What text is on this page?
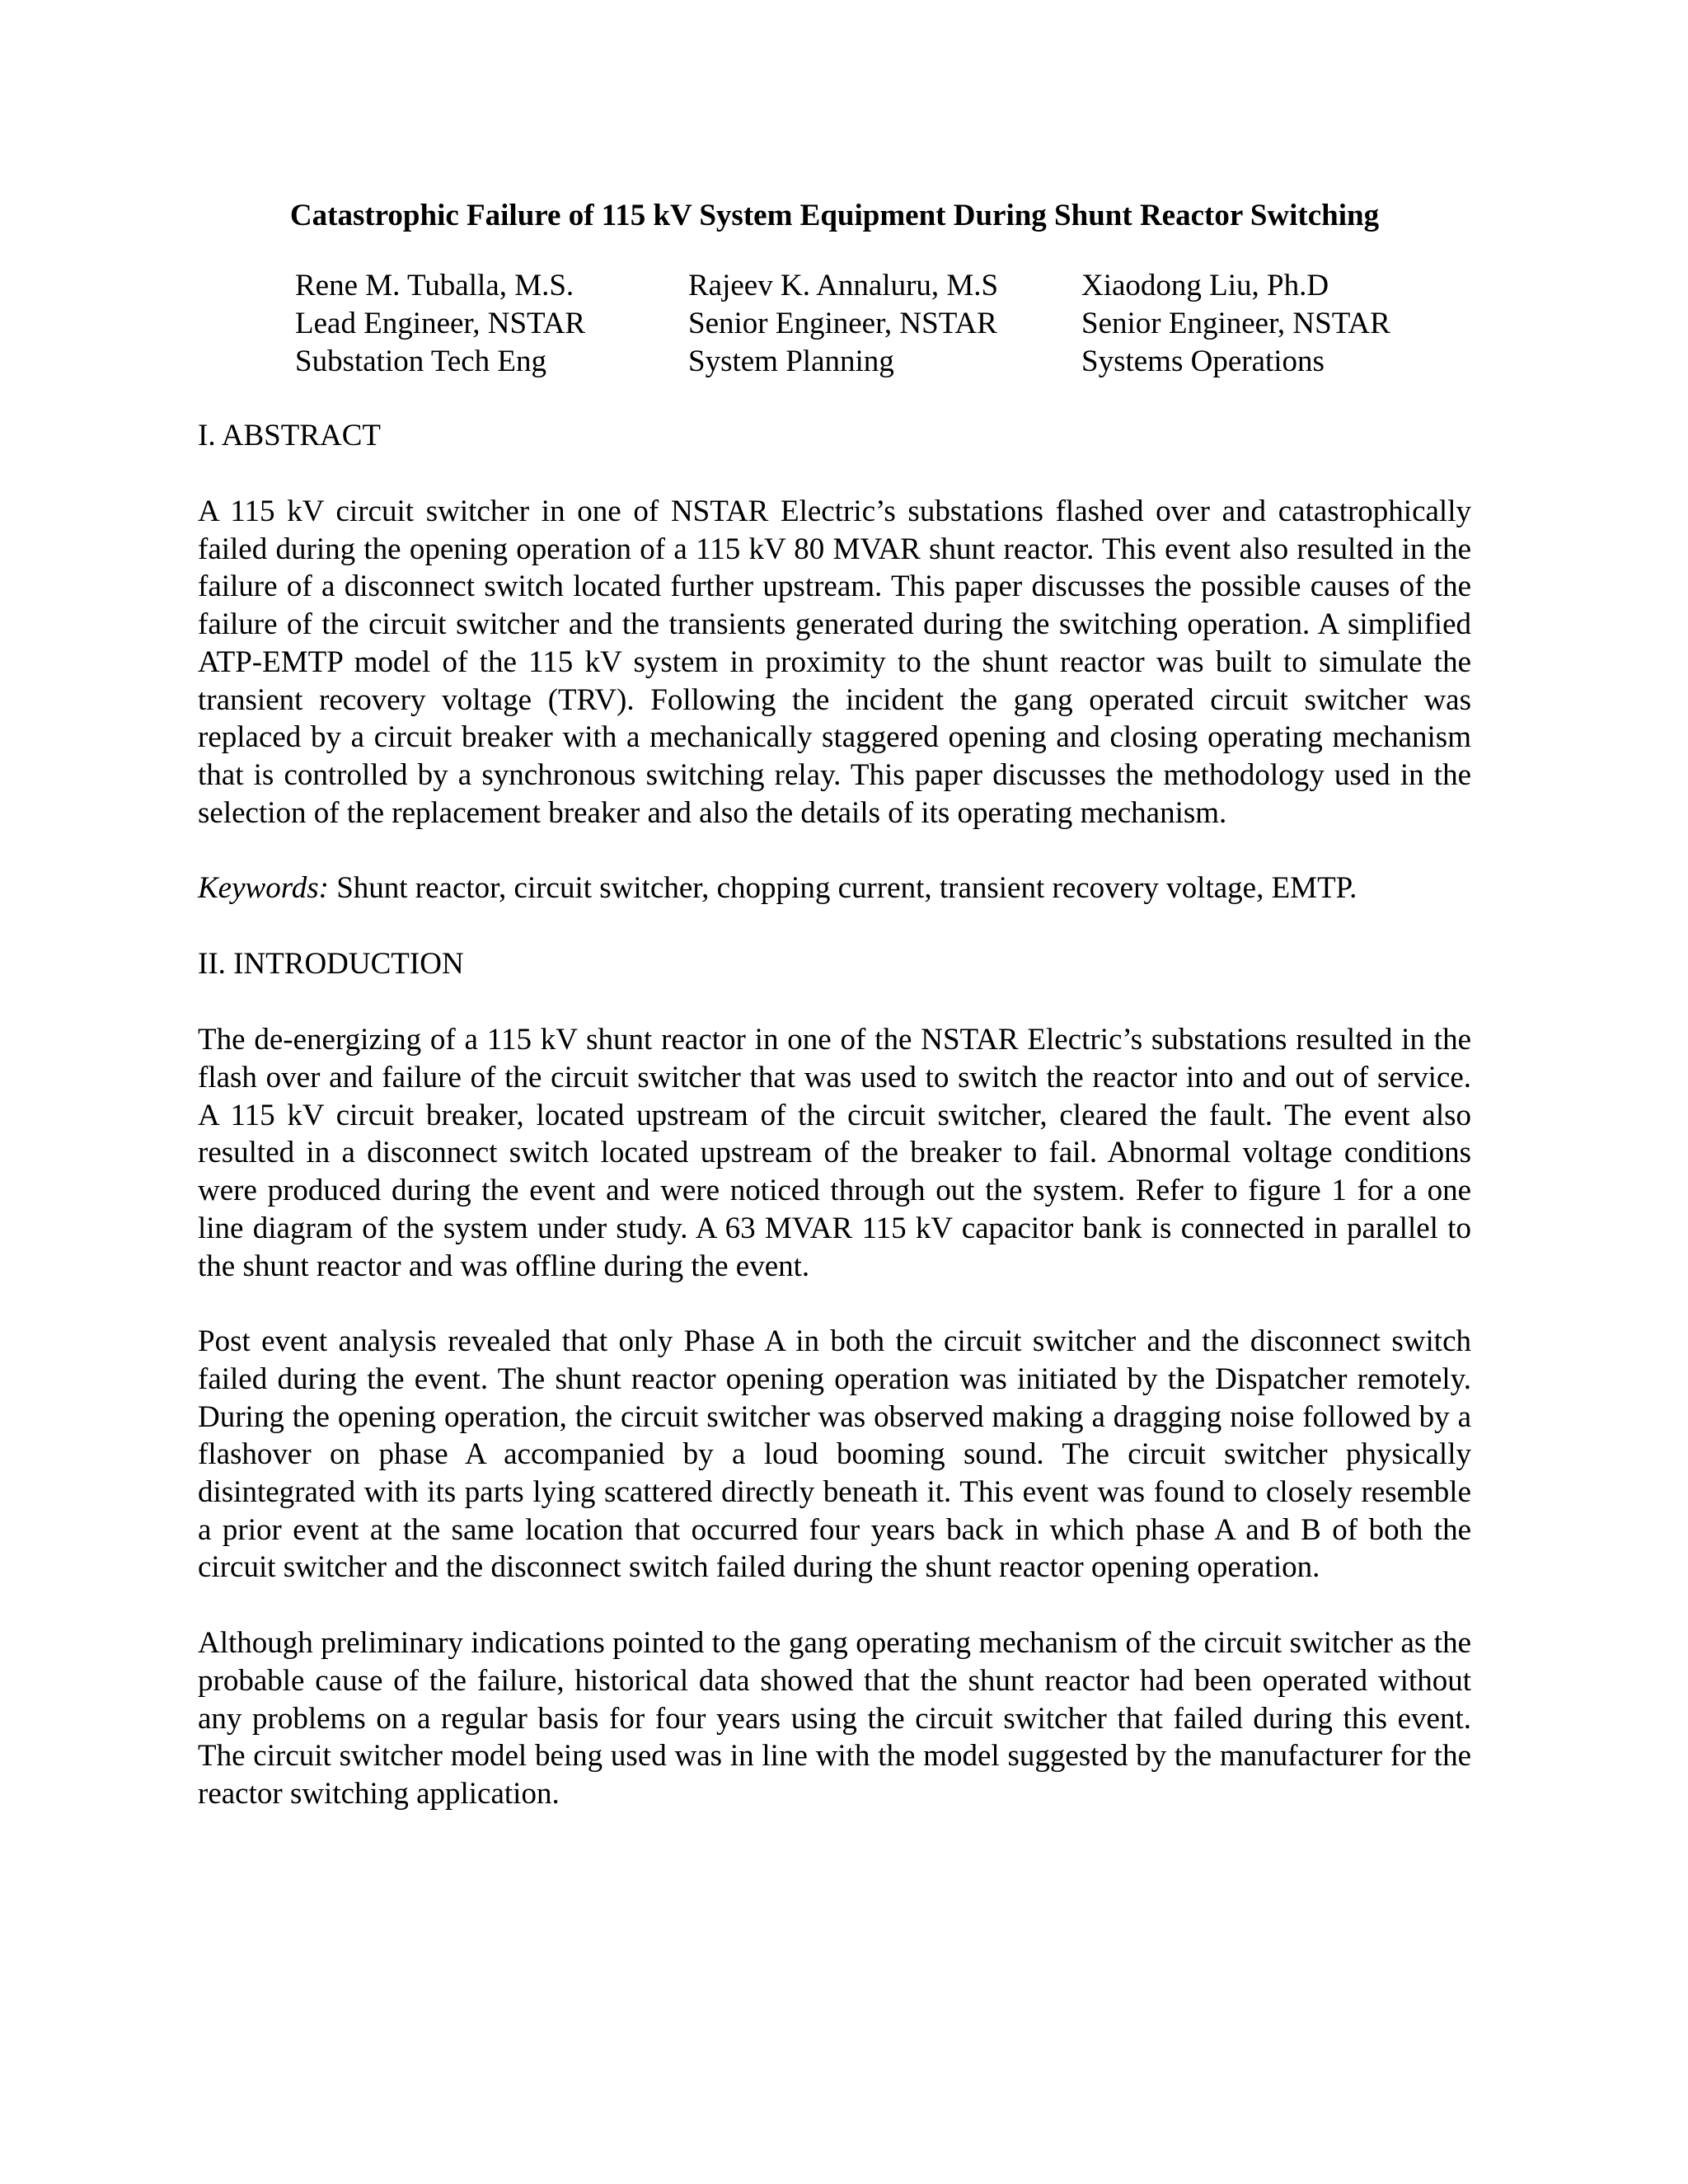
Catastrophic Failure of 115 kV System Equipment During Shunt Reactor Switching
Rene M. Tuballa, M.S.
Lead Engineer, NSTAR
Substation Tech Eng
Rajeev K. Annaluru, M.S
Senior Engineer, NSTAR
System Planning
Xiaodong Liu, Ph.D
Senior Engineer, NSTAR
Systems Operations
I. ABSTRACT

A 115 kV circuit switcher in one of NSTAR Electric’s substations flashed over and catastrophically failed during the opening operation of a 115 kV 80 MVAR shunt reactor. This event also resulted in the failure of a disconnect switch located further upstream. This paper discusses the possible causes of the failure of the circuit switcher and the transients generated during the switching operation. A simplified ATP-EMTP model of the 115 kV system in proximity to the shunt reactor was built to simulate the transient recovery voltage (TRV). Following the incident the gang operated circuit switcher was replaced by a circuit breaker with a mechanically staggered opening and closing operating mechanism that is controlled by a synchronous switching relay. This paper discusses the methodology used in the selection of the replacement breaker and also the details of its operating mechanism.

Keywords: Shunt reactor, circuit switcher, chopping current, transient recovery voltage, EMTP.
II. INTRODUCTION

The de-energizing of a 115 kV shunt reactor in one of the NSTAR Electric’s substations resulted in the flash over and failure of the circuit switcher that was used to switch the reactor into and out of service. A 115 kV circuit breaker, located upstream of the circuit switcher, cleared the fault. The event also resulted in a disconnect switch located upstream of the breaker to fail. Abnormal voltage conditions were produced during the event and were noticed through out the system. Refer to figure 1 for a one line diagram of the system under study. A 63 MVAR 115 kV capacitor bank is connected in parallel to the shunt reactor and was offline during the event.

Post event analysis revealed that only Phase A in both the circuit switcher and the disconnect switch failed during the event. The shunt reactor opening operation was initiated by the Dispatcher remotely. During the opening operation, the circuit switcher was observed making a dragging noise followed by a flashover on phase A accompanied by a loud booming sound. The circuit switcher physically disintegrated with its parts lying scattered directly beneath it. This event was found to closely resemble a prior event at the same location that occurred four years back in which phase A and B of both the circuit switcher and the disconnect switch failed during the shunt reactor opening operation.

Although preliminary indications pointed to the gang operating mechanism of the circuit switcher as the probable cause of the failure, historical data showed that the shunt reactor had been operated without any problems on a regular basis for four years using the circuit switcher that failed during this event. The circuit switcher model being used was in line with the model suggested by the manufacturer for the reactor switching application.
